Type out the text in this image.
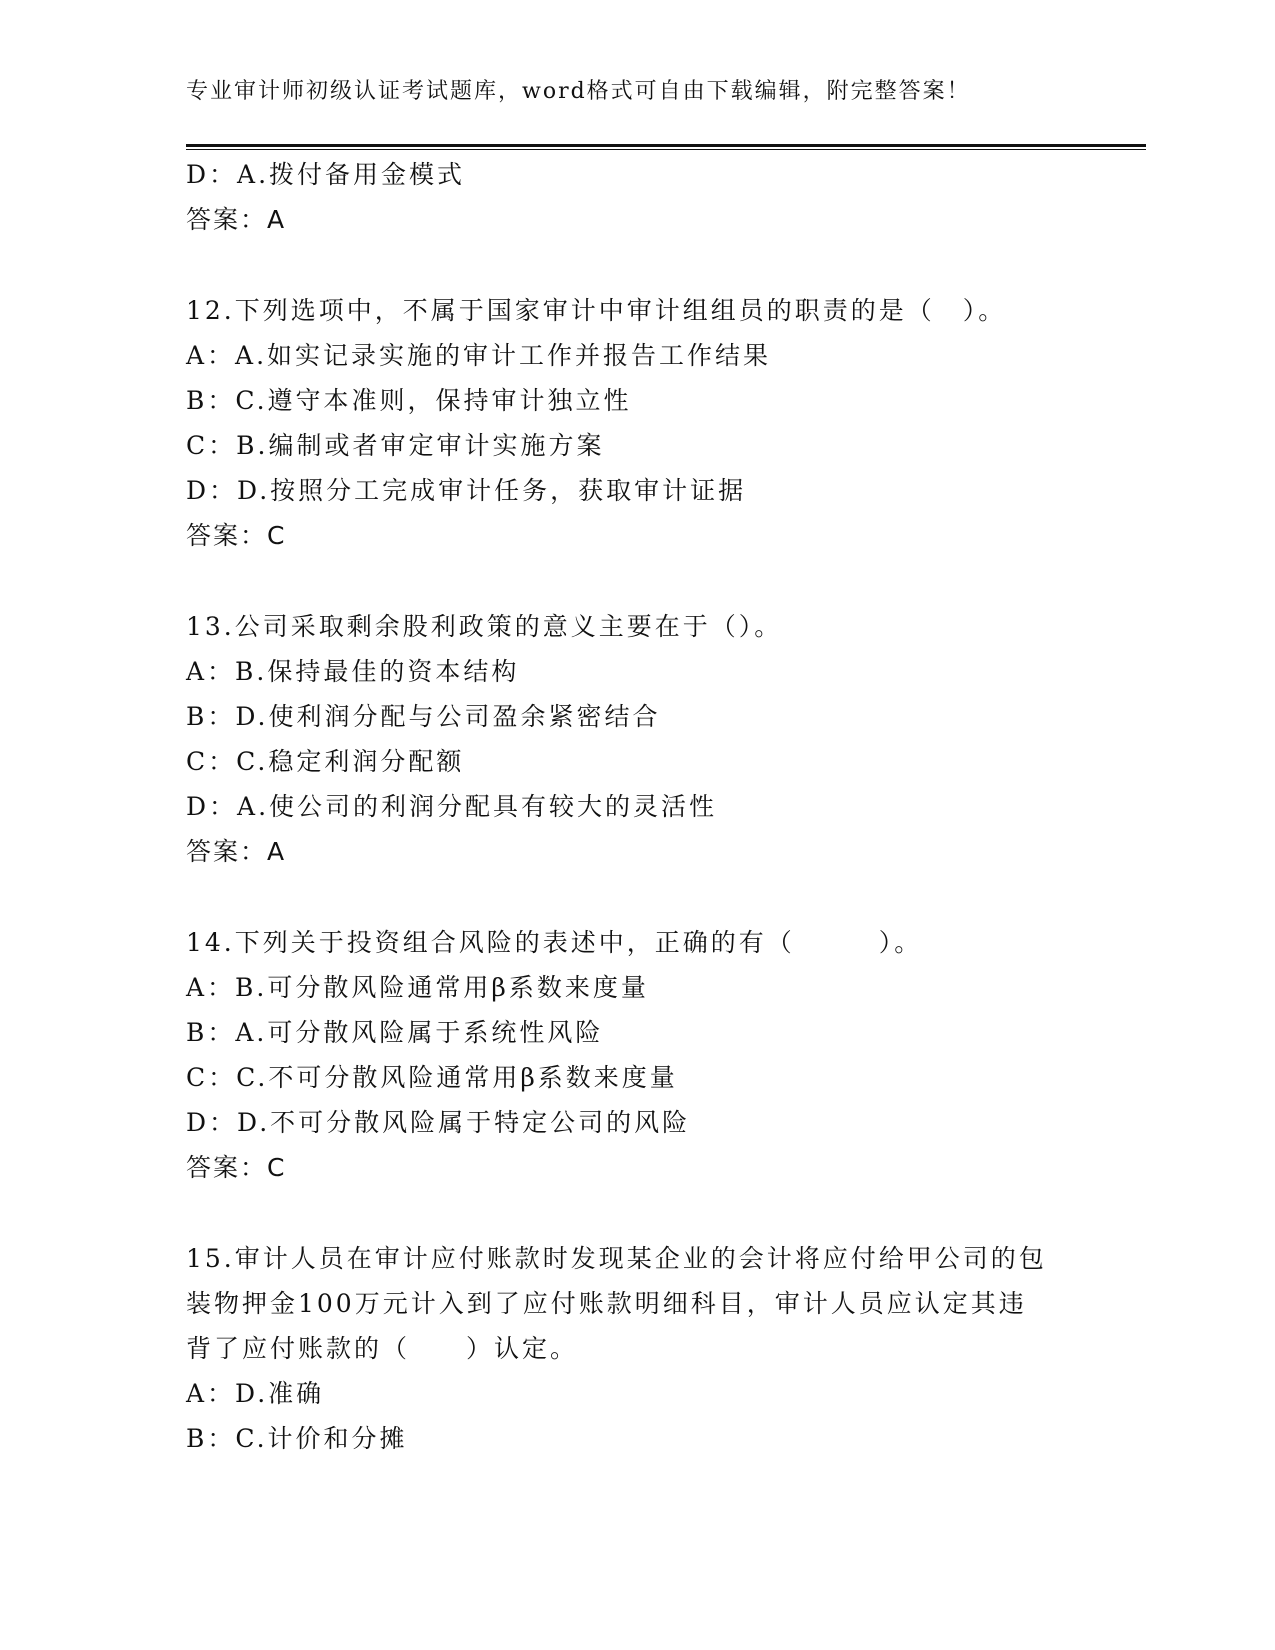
专业审计师初级认证考试题库，word格式可自由下载编辑，附完整答案！
D：A.拨付备用金模式
答案：A
12.下列选项中，不属于国家审计中审计组组员的职责的是（　）。
A：A.如实记录实施的审计工作并报告工作结果
B：C.遵守本准则，保持审计独立性
C：B.编制或者审定审计实施方案
D：D.按照分工完成审计任务，获取审计证据
答案：C
13.公司采取剩余股利政策的意义主要在于（）。
A：B.保持最佳的资本结构
B：D.使利润分配与公司盈余紧密结合
C：C.稳定利润分配额
D：A.使公司的利润分配具有较大的灵活性
答案：A
14.下列关于投资组合风险的表述中，正确的有（　　　）。
A：B.可分散风险通常用β系数来度量
B：A.可分散风险属于系统性风险
C：C.不可分散风险通常用β系数来度量
D：D.不可分散风险属于特定公司的风险
答案：C
15.审计人员在审计应付账款时发现某企业的会计将应付给甲公司的包
装物押金100万元计入到了应付账款明细科目，审计人员应认定其违
背了应付账款的（　　）认定。
A：D.准确
B：C.计价和分摊
